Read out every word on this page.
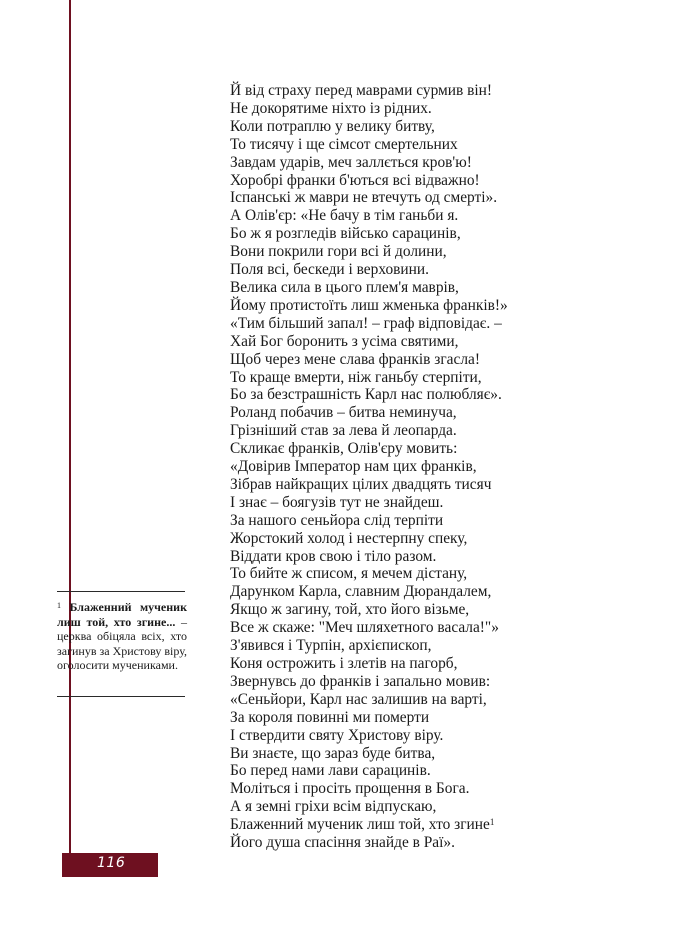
$^1$ Блаженний мученик лиш той, хто згине... – церква обіцяла всіх, хто загинув за Христову віру, оголосити мучениками.
Й від страху перед маврами сурмив він!
Не докорятиме ніхто із рідних.
Коли потраплю у велику битву,
То тисячу і ще сімсот смертельних
Завдам ударів, меч заллється кров'ю!
Хоробрі франки б'ються всі відважно!
Іспанські ж маври не втечуть од смерті».
А Олів'єр: «Не бачу в тім ганьби я.
Бо ж я розгледів військо сарацинів,
Вони покрили гори всі й долини,
Поля всі, бескеди і верховини.
Велика сила в цього плем'я маврів,
Йому протистоїть лиш жменька франків!»
«Тим більший запал! – граф відповідає. –
Хай Бог боронить з усіма святими,
Щоб через мене слава франків згасла!
То краще вмерти, ніж ганьбу стерпіти,
Бо за безстрашність Карл нас полюбляє».
Роланд побачив – битва неминуча,
Грізніший став за лева й леопарда.
Скликає франків, Олів'єру мовить:
«Довірив Імператор нам цих франків,
Зібрав найкращих цілих двадцять тисяч
І знає – боягузів тут не знайдеш.
За нашого сеньйора слід терпіти
Жорстокий холод і нестерпну спеку,
Віддати кров свою і тіло разом.
То бийте ж списом, я мечем дістану,
Дарунком Карла, славним Дюрандалем,
Якщо ж загину, той, хто його візьме,
Все ж скаже: "Меч шляхетного васала!"»
З'явився і Турпін, архієпископ,
Коня острожить і злетів на пагорб,
Звернувсь до франків і запально мовив:
«Сеньйори, Карл нас залишив на варті,
За короля повинні ми померти
І ствердити святу Христову віру.
Ви знаєте, що зараз буде битва,
Бо перед нами лави сарацинів.
Моліться і просіть прощення в Бога.
А я земні гріхи всім відпускаю,
Блаженний мученик лиш той, хто згине$^1$
Його душа спасіння знайде в Раї».
116
